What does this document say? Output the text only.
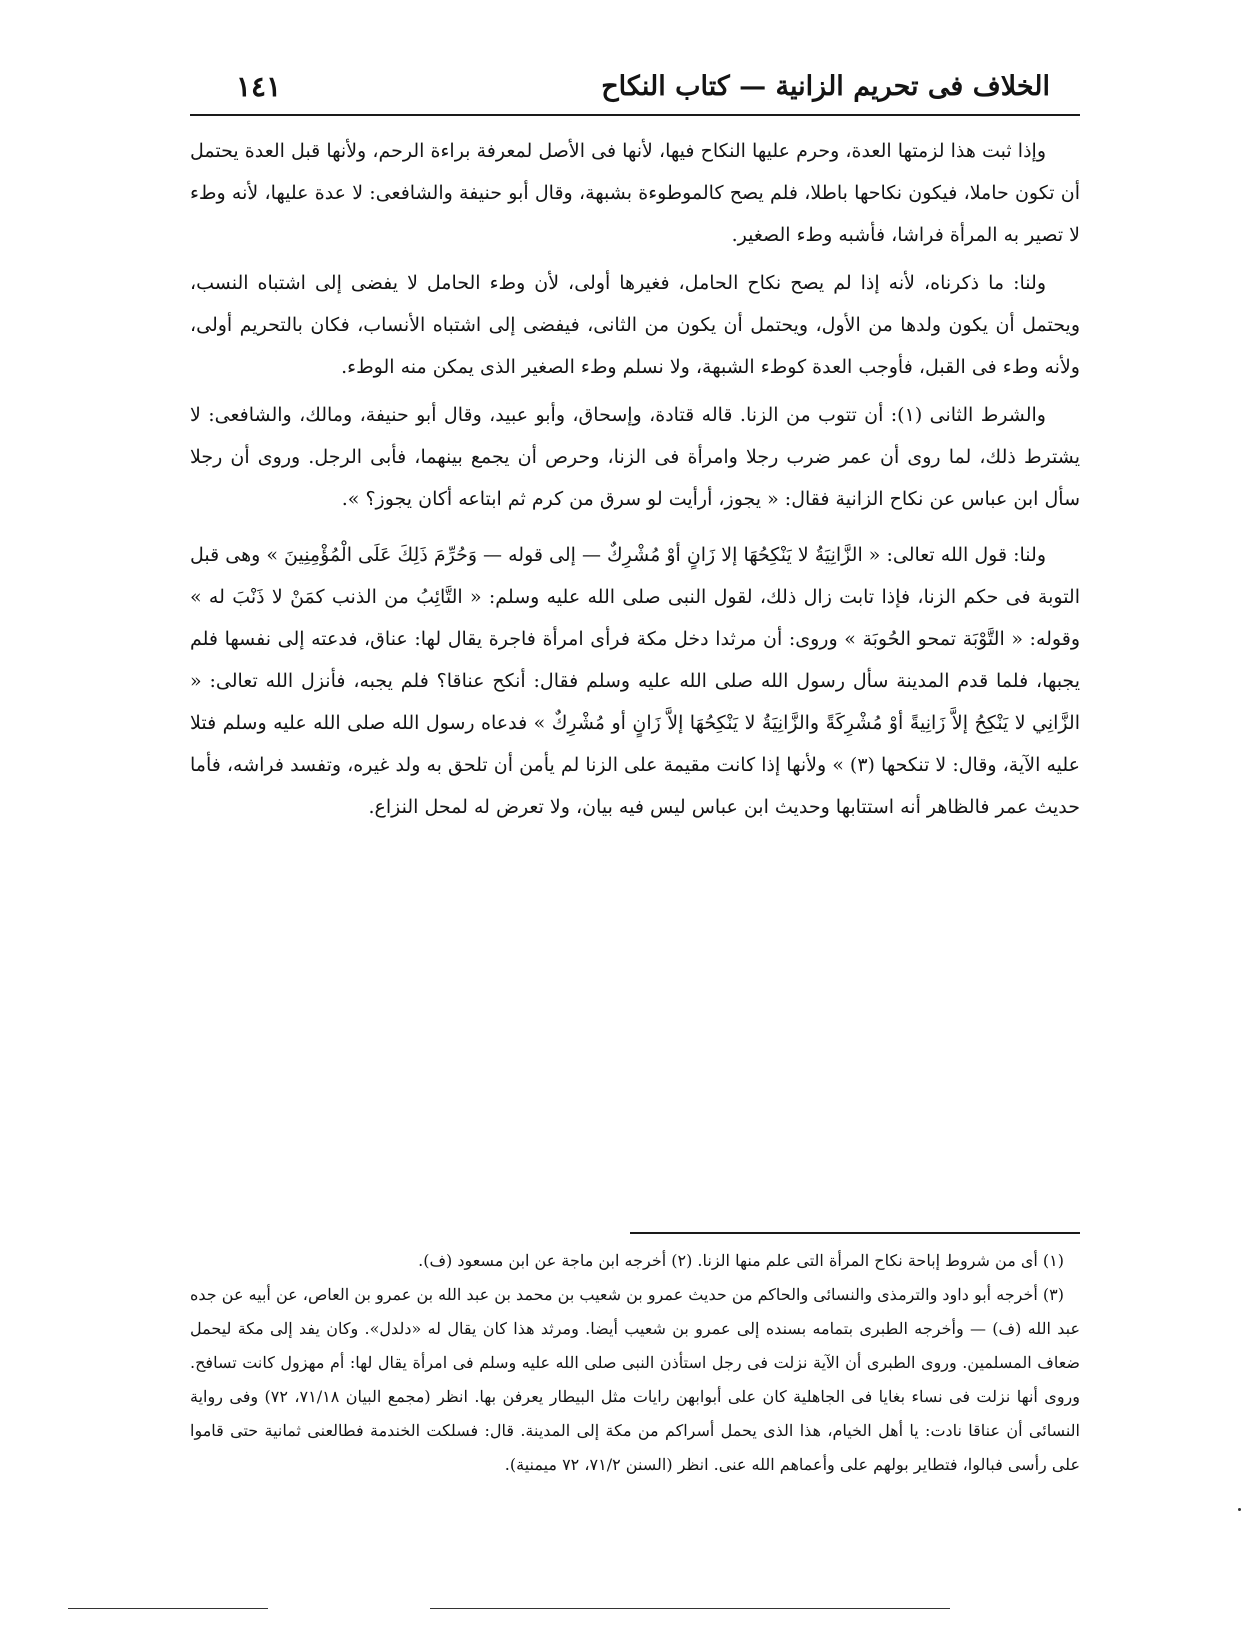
الخلاف فى تحريم الزانية — كتاب النكاح
١٤١

وإذا ثبت هذا لزمتها العدة، وحرم عليها النكاح فيها، لأنها فى الأصل لمعرفة براءة الرحم، ولأنها قبل العدة يحتمل أن تكون حاملا، فيكون نكاحها باطلا، فلم يصح كالموطوءة بشبهة، وقال أبو حنيفة والشافعى: لا عدة عليها، لأنه وطء لا تصير به المرأة فراشا، فأشبه وطء الصغير.

ولنا: ما ذكرناه، لأنه إذا لم يصح نكاح الحامل، فغيرها أولى، لأن وطء الحامل لا يفضى إلى اشتباه النسب، ويحتمل أن يكون ولدها من الأول، ويحتمل أن يكون من الثانى، فيفضى إلى اشتباه الأنساب، فكان بالتحريم أولى، ولأنه وطء فى القبل، فأوجب العدة كوطء الشبهة، ولا نسلم وطء الصغير الذى يمكن منه الوطء.

والشرط الثانى (١): أن تتوب من الزنا. قاله قتادة، وإسحاق، وأبو عبيد، وقال أبو حنيفة، ومالك، والشافعى: لا يشترط ذلك، لما روى أن عمر ضرب رجلا وامرأة فى الزنا، وحرص أن يجمع بينهما، فأبى الرجل. وروى أن رجلا سأل ابن عباس عن نكاح الزانية فقال: « يجوز، أرأيت لو سرق من كرم ثم ابتاعه أكان يجوز؟ ».

ولنا: قول الله تعالى: « الزَّانِيَةُ لا يَنْكِحُهَا إلا زَانٍ أوْ مُشْرِكٌ — إلى قوله — وَحُرِّمَ ذَلِكَ عَلَى الْمُؤْمِنِينَ » وهى قبل التوبة فى حكم الزنا، فإذا تابت زال ذلك، لقول النبى صلى الله عليه وسلم: « التَّائِبُ من الذنب كمَنْ لا ذَنْبَ له » وقوله: « التَّوْبَة تمحو الحُوبَة » وروى: أن مرثدا دخل مكة فرأى امرأة فاجرة يقال لها: عناق، فدعته إلى نفسها فلم يجبها، فلما قدم المدينة سأل رسول الله صلى الله عليه وسلم فقال: أنكح عناقا؟ فلم يجبه، فأنزل الله تعالى: « الزَّانِي لا يَنْكِحُ إلاَّ زَانِيةً أوْ مُشْرِكَةً والزَّانِيَةُ لا يَنْكِحُهَا إلاَّ زَانٍ أو مُشْرِكٌ » فدعاه رسول الله صلى الله عليه وسلم فتلا عليه الآية، وقال: لا تنكحها (٣) » ولأنها إذا كانت مقيمة على الزنا لم يأمن أن تلحق به ولد غيره، وتفسد فراشه، فأما حديث عمر فالظاهر أنه استتابها وحديث ابن عباس ليس فيه بيان، ولا تعرض له لمحل النزاع.

(١) أى من شروط إباحة نكاح المرأة التى علم منها الزنا. (٢) أخرجه ابن ماجة عن ابن مسعود (ف).

(٣) أخرجه أبو داود والترمذى والنسائى والحاكم من حديث عمرو بن شعيب بن محمد بن عبد الله بن عمرو بن العاص، عن أبيه عن جده عبد الله (ف) — وأخرجه الطبرى بتمامه بسنده إلى عمرو بن شعيب أيضا. ومرثد هذا كان يقال له «دلدل». وكان يفد إلى مكة ليحمل ضعاف المسلمين. وروى الطبرى أن الآية نزلت فى رجل استأذن النبى صلى الله عليه وسلم فى امرأة يقال لها: أم مهزول كانت تسافح. وروى أنها نزلت فى نساء بغايا فى الجاهلية كان على أبوابهن رايات مثل البيطار يعرفن بها. انظر (مجمع البيان ٧١/١٨، ٧٢) وفى رواية النسائى أن عناقا نادت: يا أهل الخيام، هذا الذى يحمل أسراكم من مكة إلى المدينة. قال: فسلكت الخندمة فطالعنى ثمانية حتى قاموا على رأسى فبالوا، فتطاير بولهم على وأعماهم الله عنى. انظر (السنن ٧١/٢، ٧٢ ميمنية).
